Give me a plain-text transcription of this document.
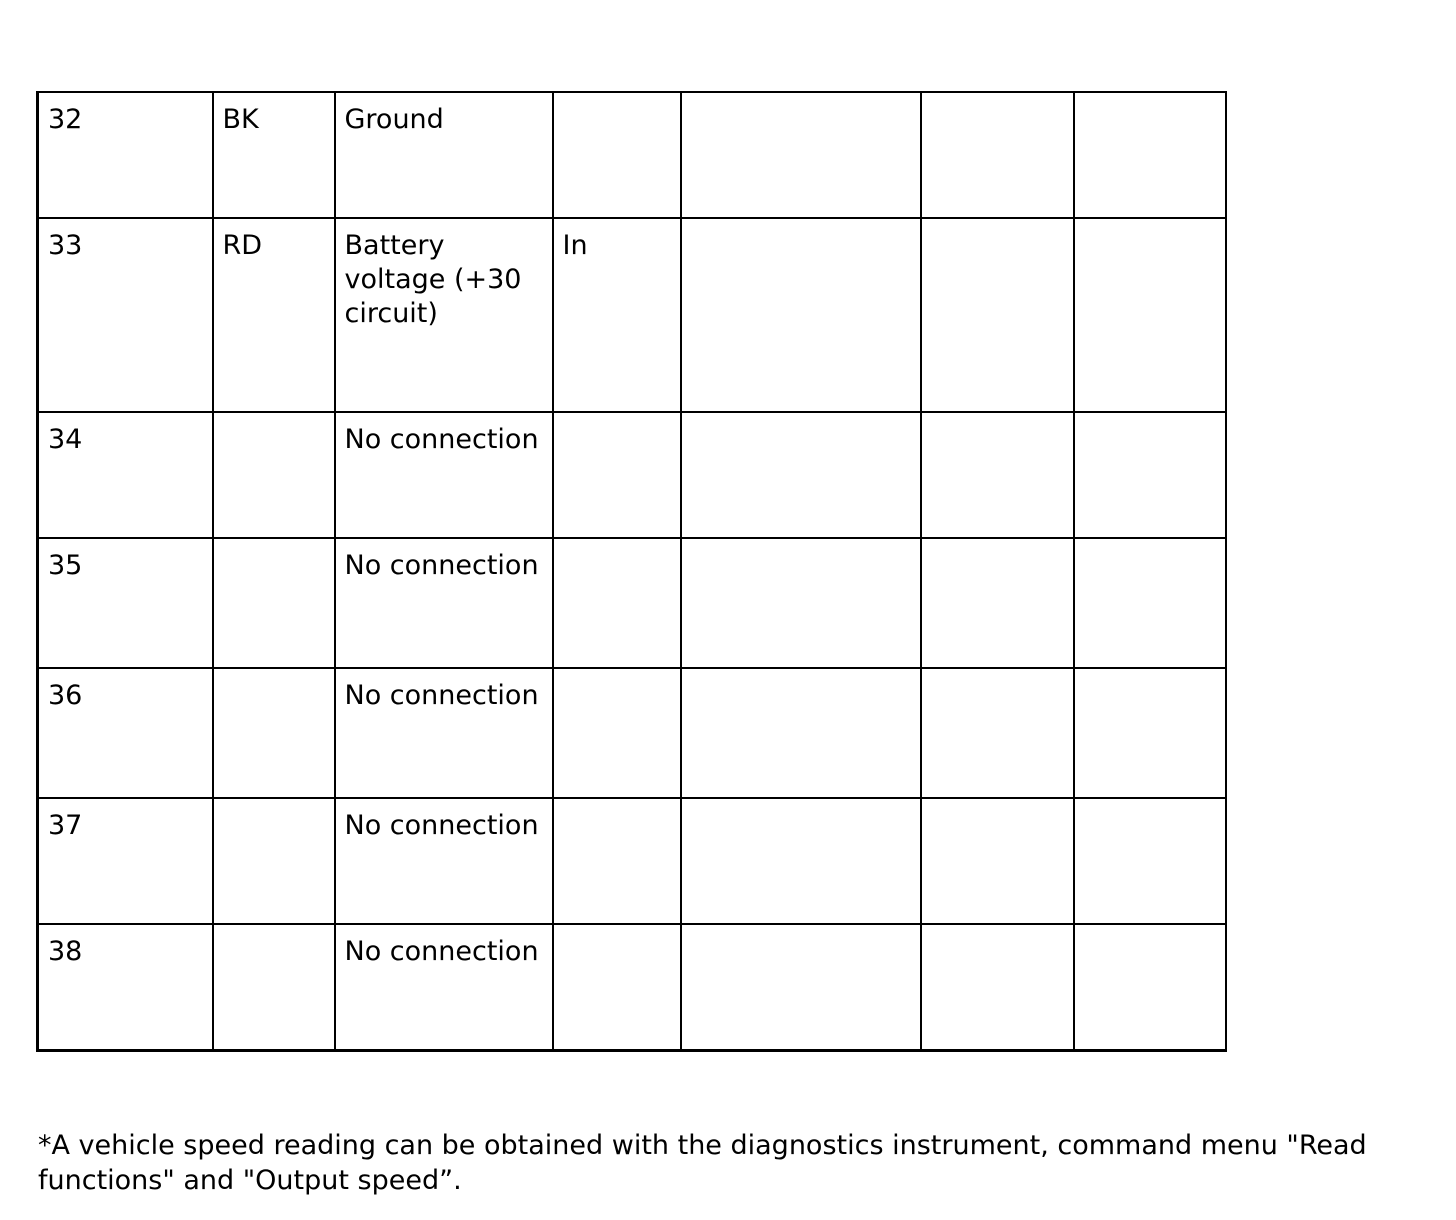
32	BK	Ground				
33	RD	Battery voltage (+30 circuit)	In			
34		No connection				
35		No connection				
36		No connection				
37		No connection				
38		No connection				

*A vehicle speed reading can be obtained with the diagnostics instrument, command menu "Read functions" and "Output speed”.
